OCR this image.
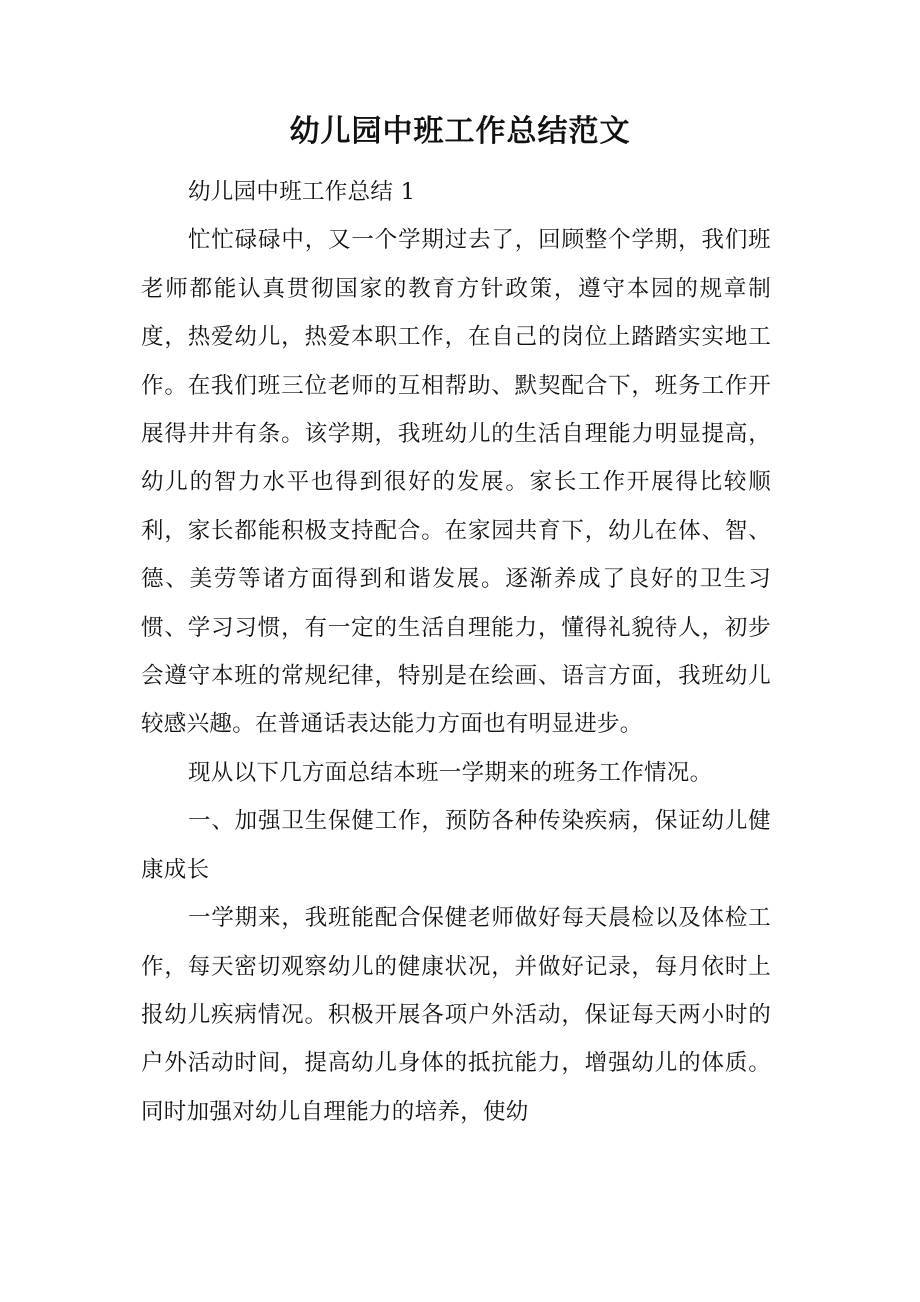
幼儿园中班工作总结范文

幼儿园中班工作总结 1

忙忙碌碌中，又一个学期过去了，回顾整个学期，我们班老师都能认真贯彻国家的教育方针政策，遵守本园的规章制度，热爱幼儿，热爱本职工作，在自己的岗位上踏踏实实地工作。在我们班三位老师的互相帮助、默契配合下，班务工作开展得井井有条。该学期，我班幼儿的生活自理能力明显提高，幼儿的智力水平也得到很好的发展。家长工作开展得比较顺利，家长都能积极支持配合。在家园共育下，幼儿在体、智、德、美劳等诸方面得到和谐发展。逐渐养成了良好的卫生习惯、学习习惯，有一定的生活自理能力，懂得礼貌待人，初步会遵守本班的常规纪律，特别是在绘画、语言方面，我班幼儿较感兴趣。在普通话表达能力方面也有明显进步。

现从以下几方面总结本班一学期来的班务工作情况。

一、加强卫生保健工作，预防各种传染疾病，保证幼儿健康成长

一学期来，我班能配合保健老师做好每天晨检以及体检工作，每天密切观察幼儿的健康状况，并做好记录，每月依时上报幼儿疾病情况。积极开展各项户外活动，保证每天两小时的户外活动时间，提高幼儿身体的抵抗能力，增强幼儿的体质。同时加强对幼儿自理能力的培养，使幼
